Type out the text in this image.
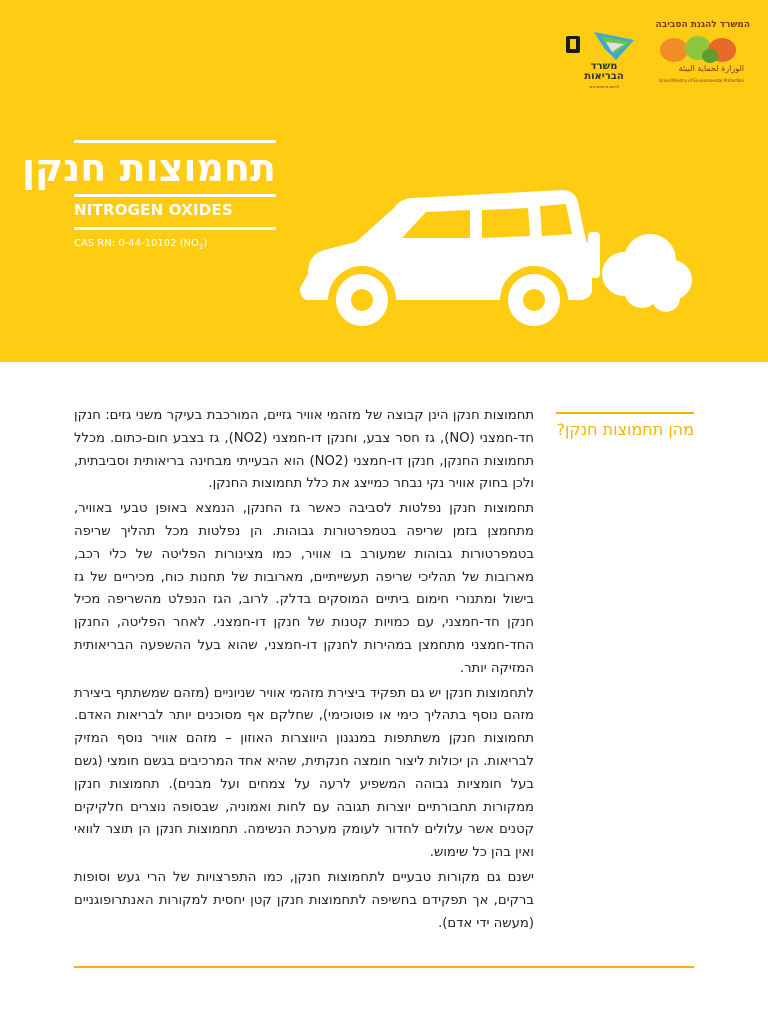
משרד הבריאות
לחיים בריאים יותר
המשרד להגנת הסביבה
الوزارة لحماية البيئة
Israel Ministry of Environmental Protection
תחמוצות חנקן
NITROGEN OXIDES
CAS RN: 0-44-10102 $(NO_2)$
מהן תחמוצות חנקן?

תחמוצות חנקן הינן קבוצה של מזהמי אוויר גזיים, המורכבת בעיקר משני גזים: חנקן חד-חמצני (NO), גז חסר צבע, וחנקן דו-חמצני (NO2), גז בצבע חום-כתום. מכלל תחמוצות החנקן, חנקן דו-חמצני (NO2) הוא הבעייתי מבחינה בריאותית וסביבתית, ולכן בחוק אוויר נקי נבחר כמייצג את כלל תחמוצות החנקן.

תחמוצות חנקן נפלטות לסביבה כאשר גז החנקן, הנמצא באופן טבעי באוויר, מתחמצן בזמן שריפה בטמפרטורות גבוהות. הן נפלטות מכל תהליך שריפה בטמפרטורות גבוהות שמעורב בו אוויר, כמו מצינורות הפליטה של כלי רכב, מארובות של תהליכי שריפה תעשייתיים, מארובות של תחנות כוח, מכיריים של גז בישול ומתנורי חימום ביתיים המוסקים בדלק. לרוב, הגז הנפלט מהשריפה מכיל חנקן חד-חמצני, עם כמויות קטנות של חנקן דו-חמצני. לאחר הפליטה, החנקן החד-חמצני מתחמצן במהירות לחנקן דו-חמצני, שהוא בעל ההשפעה הבריאותית המזיקה יותר.

לתחמוצות חנקן יש גם תפקיד ביצירת מזהמי אוויר שניוניים (מזהם שמשתתף ביצירת מזהם נוסף בתהליך כימי או פוטוכימי), שחלקם אף מסוכנים יותר לבריאות האדם. תחמוצות חנקן משתתפות במנגנון היווצרות האוזון – מזהם אוויר נוסף המזיק לבריאות. הן יכולות ליצור חומצה חנקתית, שהיא אחד המרכיבים בגשם חומצי (גשם בעל חומציות גבוהה המשפיע לרעה על צמחים ועל מבנים). תחמוצות חנקן ממקורות תחבורתיים יוצרות תגובה עם לחות ואמוניה, שבסופה נוצרים חלקיקים קטנים אשר עלולים לחדור לעומק מערכת הנשימה. תחמוצות חנקן הן תוצר לוואי ואין בהן כל שימוש.

ישנם גם מקורות טבעיים לתחמוצות חנקן, כמו התפרצויות של הרי געש וסופות ברקים, אך תפקידם בחשיפה לתחמוצות חנקן קטן יחסית למקורות האנתרופוגניים (מעשה ידי אדם).
